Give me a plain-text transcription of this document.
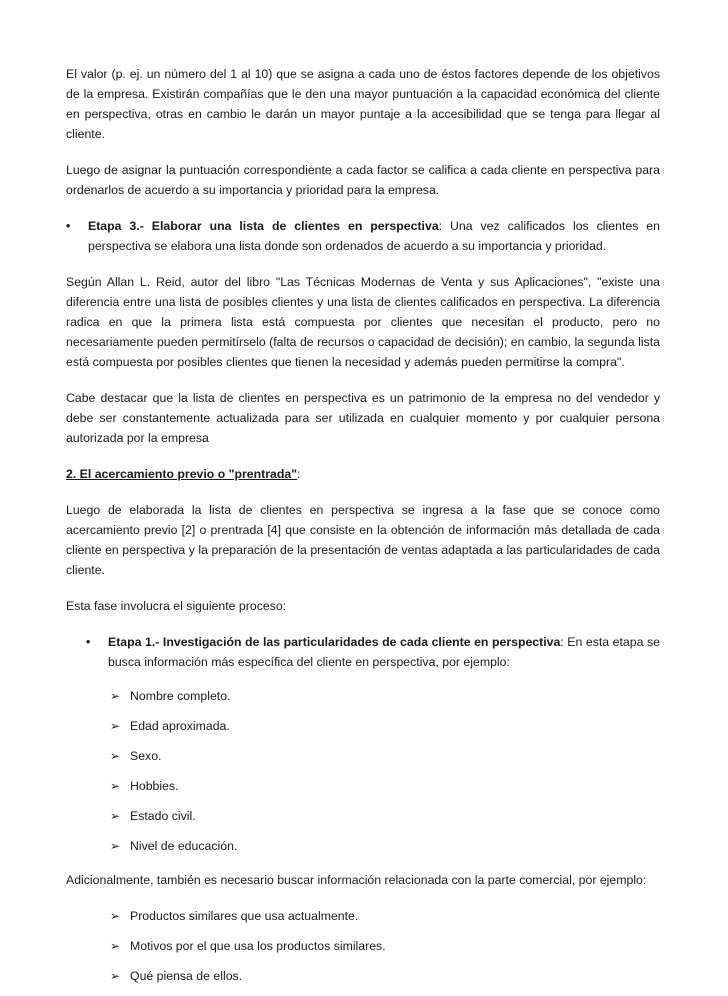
El valor (p. ej. un número del 1 al 10) que se asigna a cada uno de éstos factores depende de los objetivos de la empresa. Existirán compañías que le den una mayor puntuación a la capacidad económica del cliente en perspectiva, otras en cambio le darán un mayor puntaje a la accesibilidad que se tenga para llegar al cliente.

Luego de asignar la puntuación correspondiente a cada factor se califica a cada cliente en perspectiva para ordenarlos de acuerdo a su importancia y prioridad para la empresa.

• Etapa 3.- Elaborar una lista de clientes en perspectiva: Una vez calificados los clientes en perspectiva se elabora una lista donde son ordenados de acuerdo a su importancia y prioridad.

Según Allan L. Reid, autor del libro "Las Técnicas Modernas de Venta y sus Aplicaciones", "existe una diferencia entre una lista de posibles clientes y una lista de clientes calificados en perspectiva. La diferencia radica en que la primera lista está compuesta por clientes que necesitan el producto, pero no necesariamente pueden permitírselo (falta de recursos o capacidad de decisión); en cambio, la segunda lista está compuesta por posibles clientes que tienen la necesidad y además pueden permitirse la compra".

Cabe destacar que la lista de clientes en perspectiva es un patrimonio de la empresa no del vendedor y debe ser constantemente actualizada para ser utilizada en cualquier momento y por cualquier persona autorizada por la empresa

2. El acercamiento previo o "prentrada":

Luego de elaborada la lista de clientes en perspectiva se ingresa a la fase que se conoce como acercamiento previo [2] o prentrada [4] que consiste en la obtención de información más detallada de cada cliente en perspectiva y la preparación de la presentación de ventas adaptada a las particularidades de cada cliente.

Esta fase involucra el siguiente proceso:

• Etapa 1.- Investigación de las particularidades de cada cliente en perspectiva: En esta etapa se busca información más específica del cliente en perspectiva, por ejemplo:
➢ Nombre completo.
➢ Edad aproximada.
➢ Sexo.
➢ Hobbies.
➢ Estado civil.
➢ Nivel de educación.

Adicionalmente, también es necesario buscar información relacionada con la parte comercial, por ejemplo:

➢ Productos similares que usa actualmente.
➢ Motivos por el que usa los productos similares.
➢ Qué piensa de ellos.
